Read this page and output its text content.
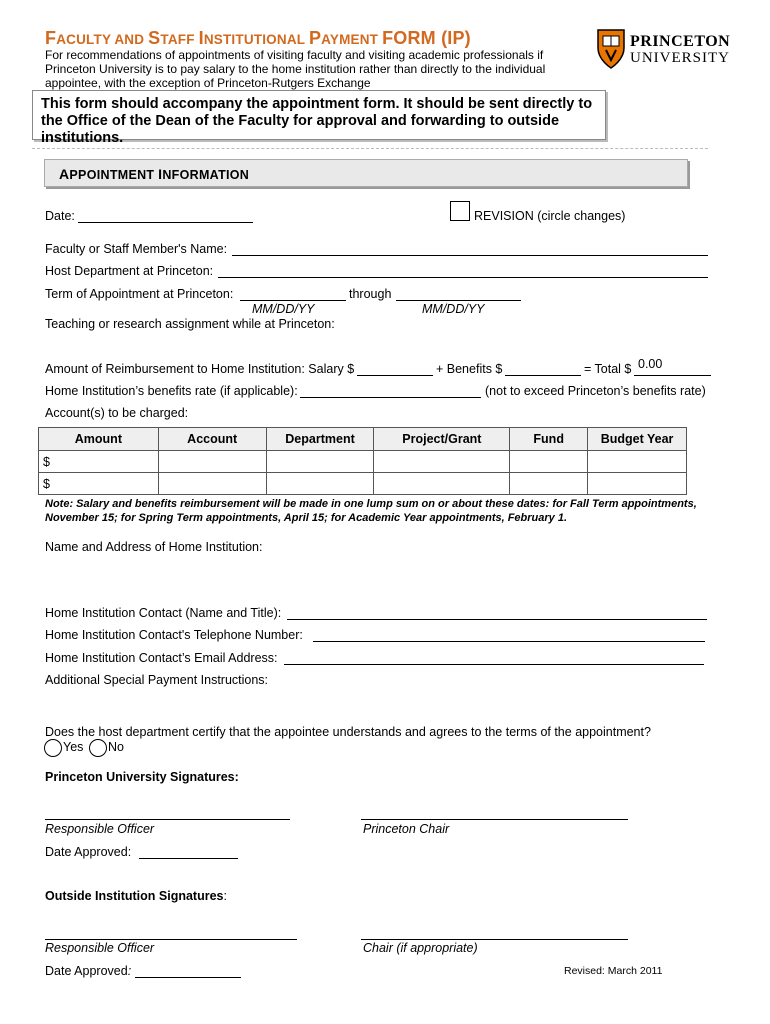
FACULTY AND STAFF INSTITUTIONAL PAYMENT FORM (IP)
For recommendations of appointments of visiting faculty and visiting academic professionals if Princeton University is to pay salary to the home institution rather than directly to the individual appointee, with the exception of Princeton-Rutgers Exchange
PRINCETON
UNIVERSITY
This form should accompany the appointment form. It should be sent directly to the Office of the Dean of the Faculty for approval and forwarding to outside institutions.
APPOINTMENT INFORMATION
Date:	REVISION (circle changes)
Faculty or Staff Member's Name:
Host Department at Princeton:
Term of Appointment at Princeton:	through
MM/DD/YY	MM/DD/YY
Teaching or research assignment while at Princeton:
Amount of Reimbursement to Home Institution: Salary $	+ Benefits $	= Total $ 0.00
Home Institution’s benefits rate (if applicable):	(not to exceed Princeton’s benefits rate)
Account(s) to be charged:
Amount	Account	Department	Project/Grant	Fund	Budget Year
$					
$					
Note: Salary and benefits reimbursement will be made in one lump sum on or about these dates: for Fall Term appointments, November 15; for Spring Term appointments, April 15; for Academic Year appointments, February 1.
Name and Address of Home Institution:
Home Institution Contact (Name and Title):
Home Institution Contact's Telephone Number:
Home Institution Contact’s Email Address:
Additional Special Payment Instructions:
Does the host department certify that the appointee understands and agrees to the terms of the appointment?
Yes No
Princeton University Signatures:
Responsible Officer	Princeton Chair
Date Approved:
Outside Institution Signatures:
Responsible Officer	Chair (if appropriate)
Date Approved:	Revised: March 2011
